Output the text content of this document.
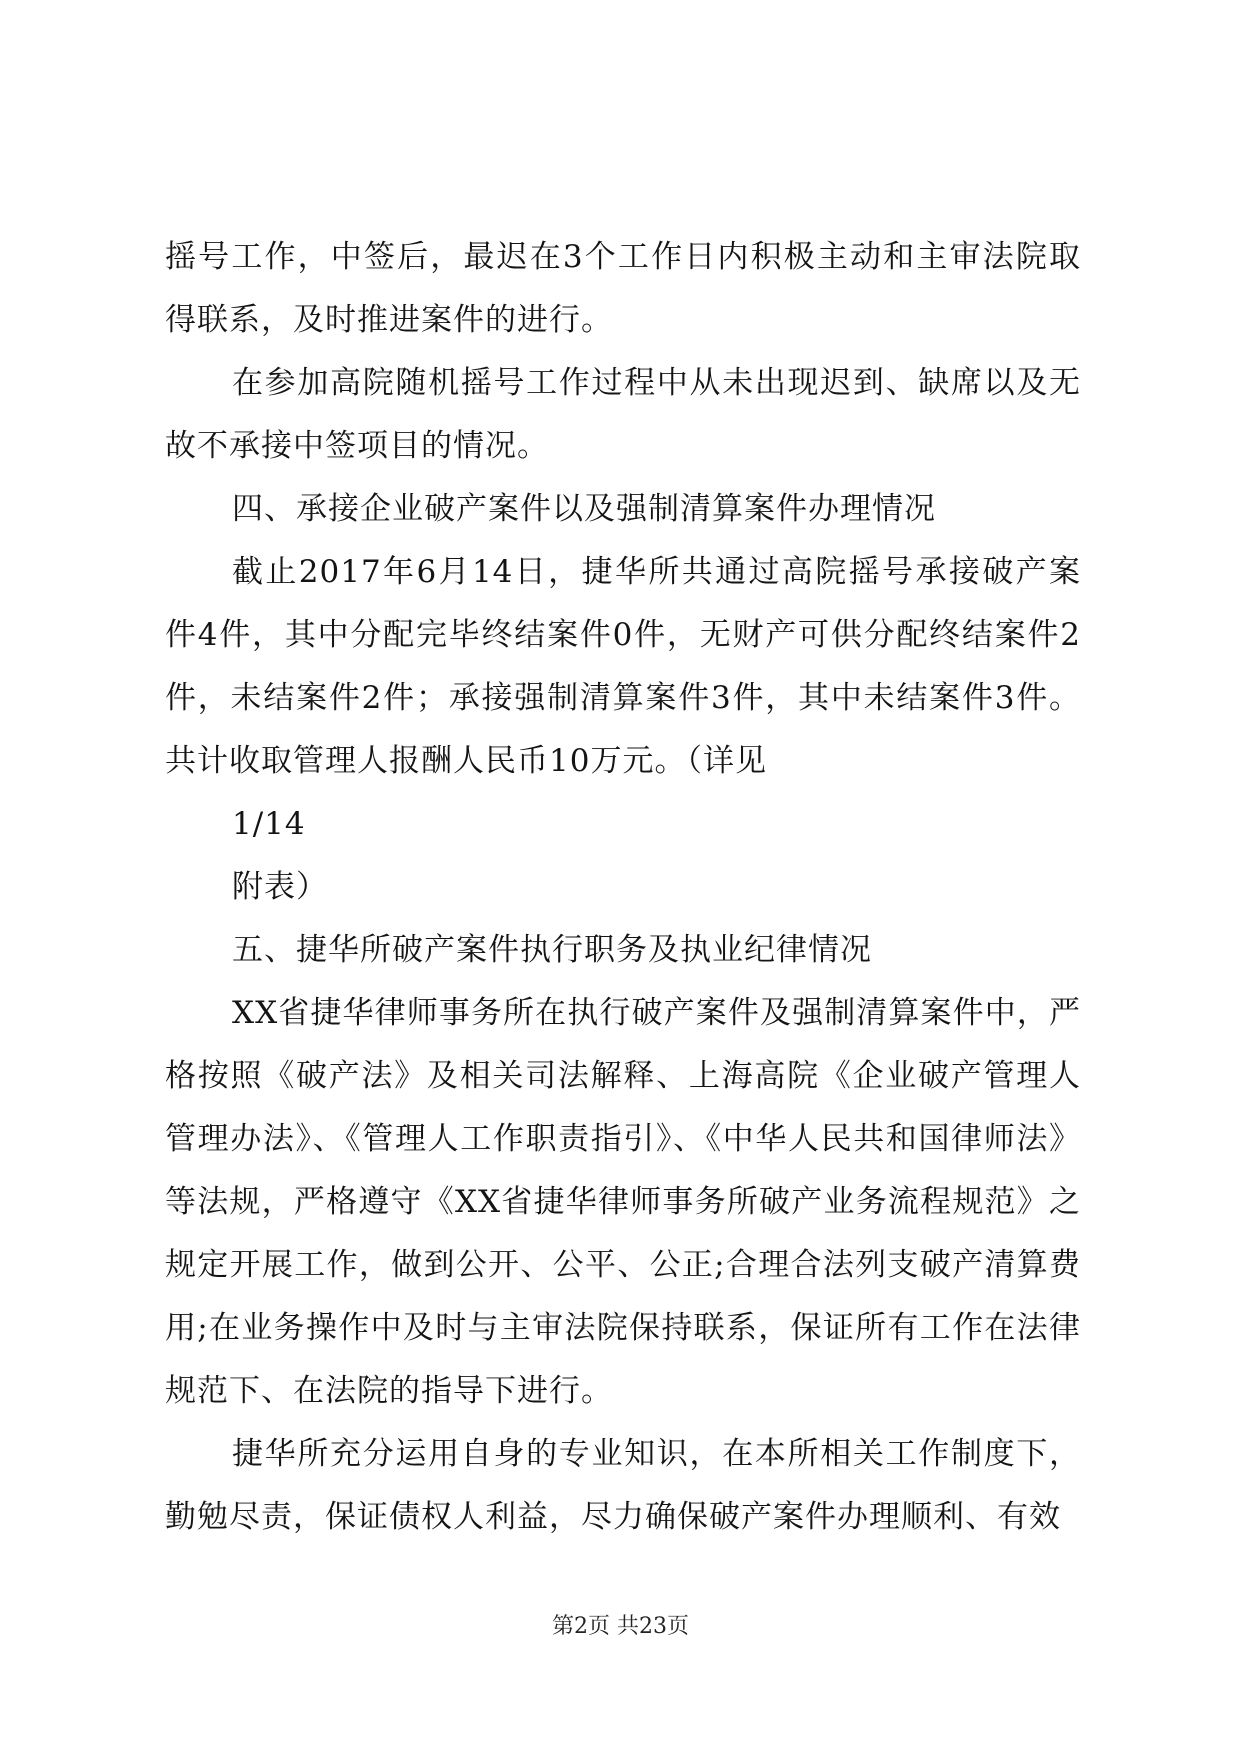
摇号工作，中签后，最迟在3个工作日内积极主动和主审法院取得联系，及时推进案件的进行。

在参加高院随机摇号工作过程中从未出现迟到、缺席以及无故不承接中签项目的情况。

四、承接企业破产案件以及强制清算案件办理情况

截止2017年6月14日，捷华所共通过高院摇号承接破产案件4件，其中分配完毕终结案件0件，无财产可供分配终结案件2件，未结案件2件；承接强制清算案件3件，其中未结案件3件。共计收取管理人报酬人民币10万元。（详见

1/14

附表）

五、捷华所破产案件执行职务及执业纪律情况

XX省捷华律师事务所在执行破产案件及强制清算案件中，严格按照《破产法》及相关司法解释、上海高院《企业破产管理人管理办法》、《管理人工作职责指引》、《中华人民共和国律师法》等法规，严格遵守《XX省捷华律师事务所破产业务流程规范》之规定开展工作，做到公开、公平、公正;合理合法列支破产清算费用;在业务操作中及时与主审法院保持联系，保证所有工作在法律规范下、在法院的指导下进行。

捷华所充分运用自身的专业知识，在本所相关工作制度下，勤勉尽责，保证债权人利益，尽力确保破产案件办理顺利、有效

第2页 共23页
